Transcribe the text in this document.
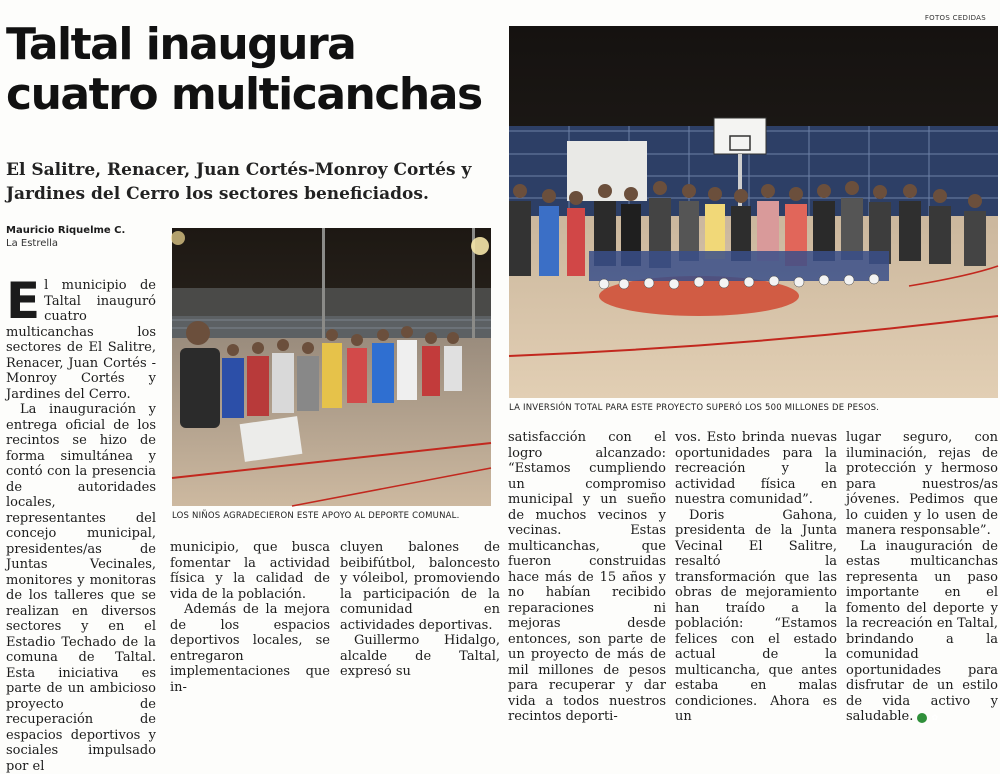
Taltal inaugura cuatro multicanchas
El Salitre, Renacer, Juan Cortés-Monroy Cortés y Jardines del Cerro los sectores beneficiados.
Mauricio Riquelme C.
La Estrella
FOTOS CEDIDAS

El municipio de Taltal inauguró cuatro multicanchas los sectores de El Salitre, Renacer, Juan Cortés - Monroy Cortés y Jardines del Cerro.

La inauguración y entrega oficial de los recintos se hizo de forma simultánea y contó con la presencia de autoridades locales, representantes del concejo municipal, presidentes/as de Juntas Vecinales, monitores y monitoras de los talleres que se realizan en diversos sectores y en el Estadio Techado de la comuna de Taltal. Esta iniciativa es parte de un ambicioso proyecto de recuperación de espacios deportivos y sociales impulsado por el

LOS NIÑOS AGRADECIERON ESTE APOYO AL DEPORTE COMUNAL.
LA INVERSIÓN TOTAL PARA ESTE PROYECTO SUPERÓ LOS 500 MILLONES DE PESOS.

municipio, que busca fomentar la actividad física y la calidad de vida de la población.

Además de la mejora de los espacios deportivos locales, se entregaron implementaciones que in-

cluyen balones de beibifútbol, baloncesto y vóleibol, promoviendo la participación de la comunidad en actividades deportivas.

Guillermo Hidalgo, alcalde de Taltal, expresó su

satisfacción con el logro alcanzado: “Estamos cumpliendo un compromiso municipal y un sueño de muchos vecinos y vecinas. Estas multicanchas, que fueron construidas hace más de 15 años y no habían recibido reparaciones ni mejoras desde entonces, son parte de un proyecto de más de mil millones de pesos para recuperar y dar vida a todos nuestros recintos deporti-

vos. Esto brinda nuevas oportunidades para la recreación y la actividad física en nuestra comunidad”.

Doris Gahona, presidenta de la Junta Vecinal El Salitre, resaltó la transformación que las obras de mejoramiento han traído a la población: “Estamos felices con el estado actual de la multicancha, que antes estaba en malas condiciones. Ahora es un

lugar seguro, con iluminación, rejas de protección y hermoso para nuestros/as jóvenes. Pedimos que lo cuiden y lo usen de manera responsable”.

La inauguración de estas multicanchas representa un paso importante en el fomento del deporte y la recreación en Taltal, brindando a la comunidad oportunidades para disfrutar de un estilo de vida activo y saludable. ✿
